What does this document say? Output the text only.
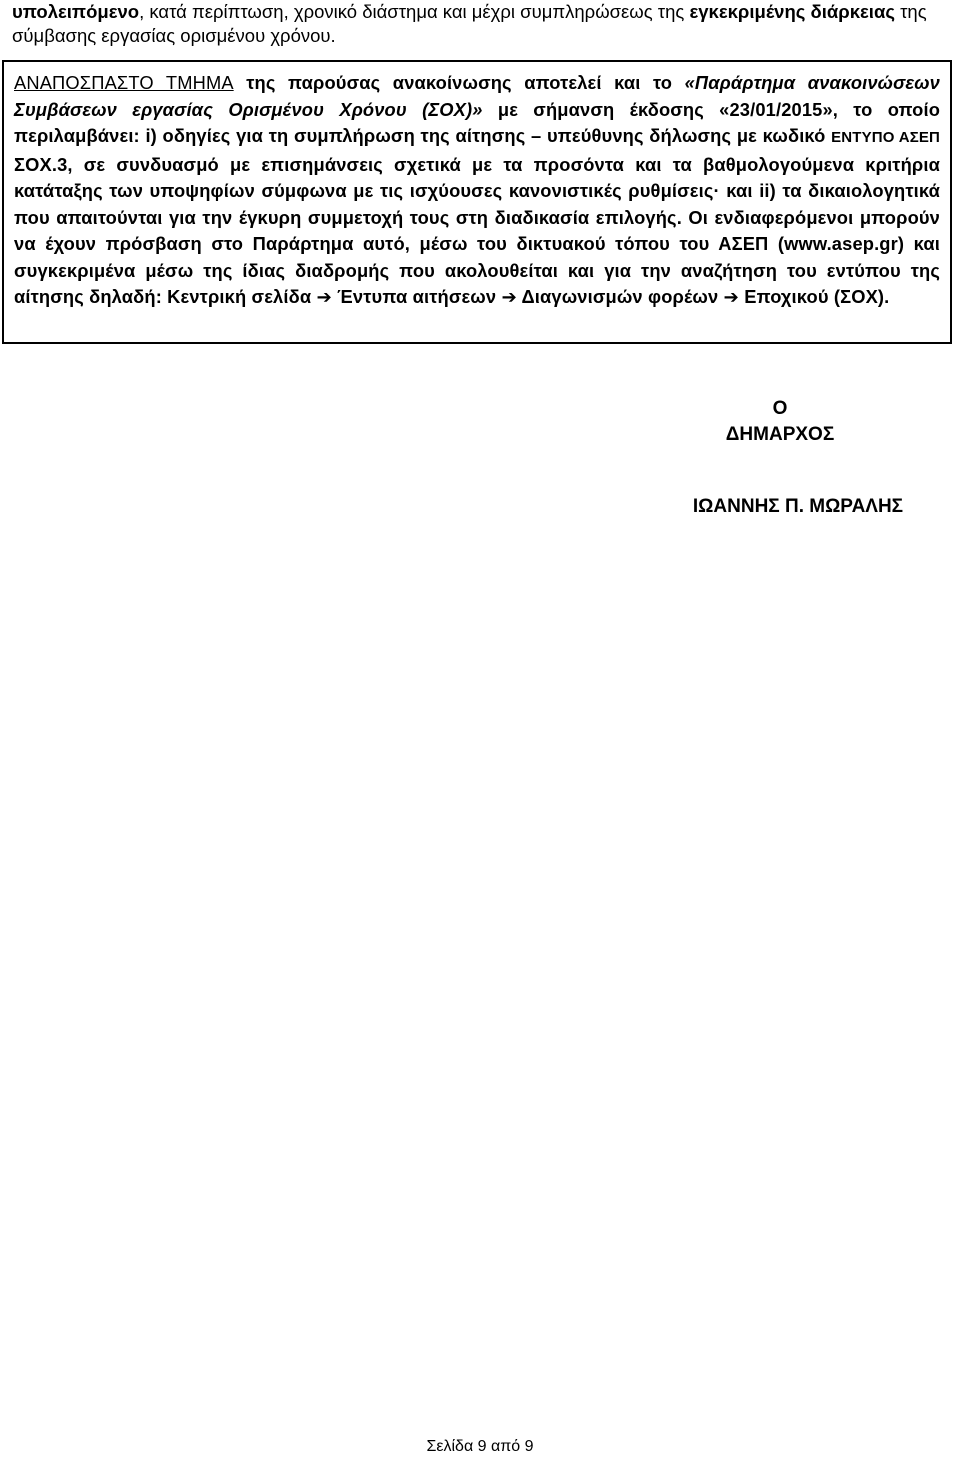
υπολειπόμενο, κατά περίπτωση, χρονικό διάστημα και μέχρι συμπληρώσεως της εγκεκριμένης διάρκειας της σύμβασης εργασίας ορισμένου χρόνου.

ΑΝΑΠΟΣΠΑΣΤΟ ΤΜΗΜΑ της παρούσας ανακοίνωσης αποτελεί και το «Παράρτημα ανακοινώσεων Συμβάσεων εργασίας Ορισμένου Χρόνου (ΣΟΧ)» με σήμανση έκδοσης «23/01/2015», το οποίο περιλαμβάνει: i) οδηγίες για τη συμπλήρωση της αίτησης – υπεύθυνης δήλωσης με κωδικό ΕΝΤΥΠΟ ΑΣΕΠ ΣΟΧ.3, σε συνδυασμό με επισημάνσεις σχετικά με τα προσόντα και τα βαθμολογούμενα κριτήρια κατάταξης των υποψηφίων σύμφωνα με τις ισχύουσες κανονιστικές ρυθμίσεις· και ii) τα δικαιολογητικά που απαιτούνται για την έγκυρη συμμετοχή τους στη διαδικασία επιλογής. Οι ενδιαφερόμενοι μπορούν να έχουν πρόσβαση στο Παράρτημα αυτό, μέσω του δικτυακού τόπου του ΑΣΕΠ (www.asep.gr) και συγκεκριμένα μέσω της ίδιας διαδρομής που ακολουθείται και για την αναζήτηση του εντύπου της αίτησης δηλαδή: Κεντρική σελίδα ➔ Έντυπα αιτήσεων ➔ Διαγωνισμών φορέων ➔ Εποχικού (ΣΟΧ).

Ο
ΔΗΜΑΡΧΟΣ
ΙΩΑΝΝΗΣ Π. ΜΩΡΑΛΗΣ
Σελίδα 9 από 9
